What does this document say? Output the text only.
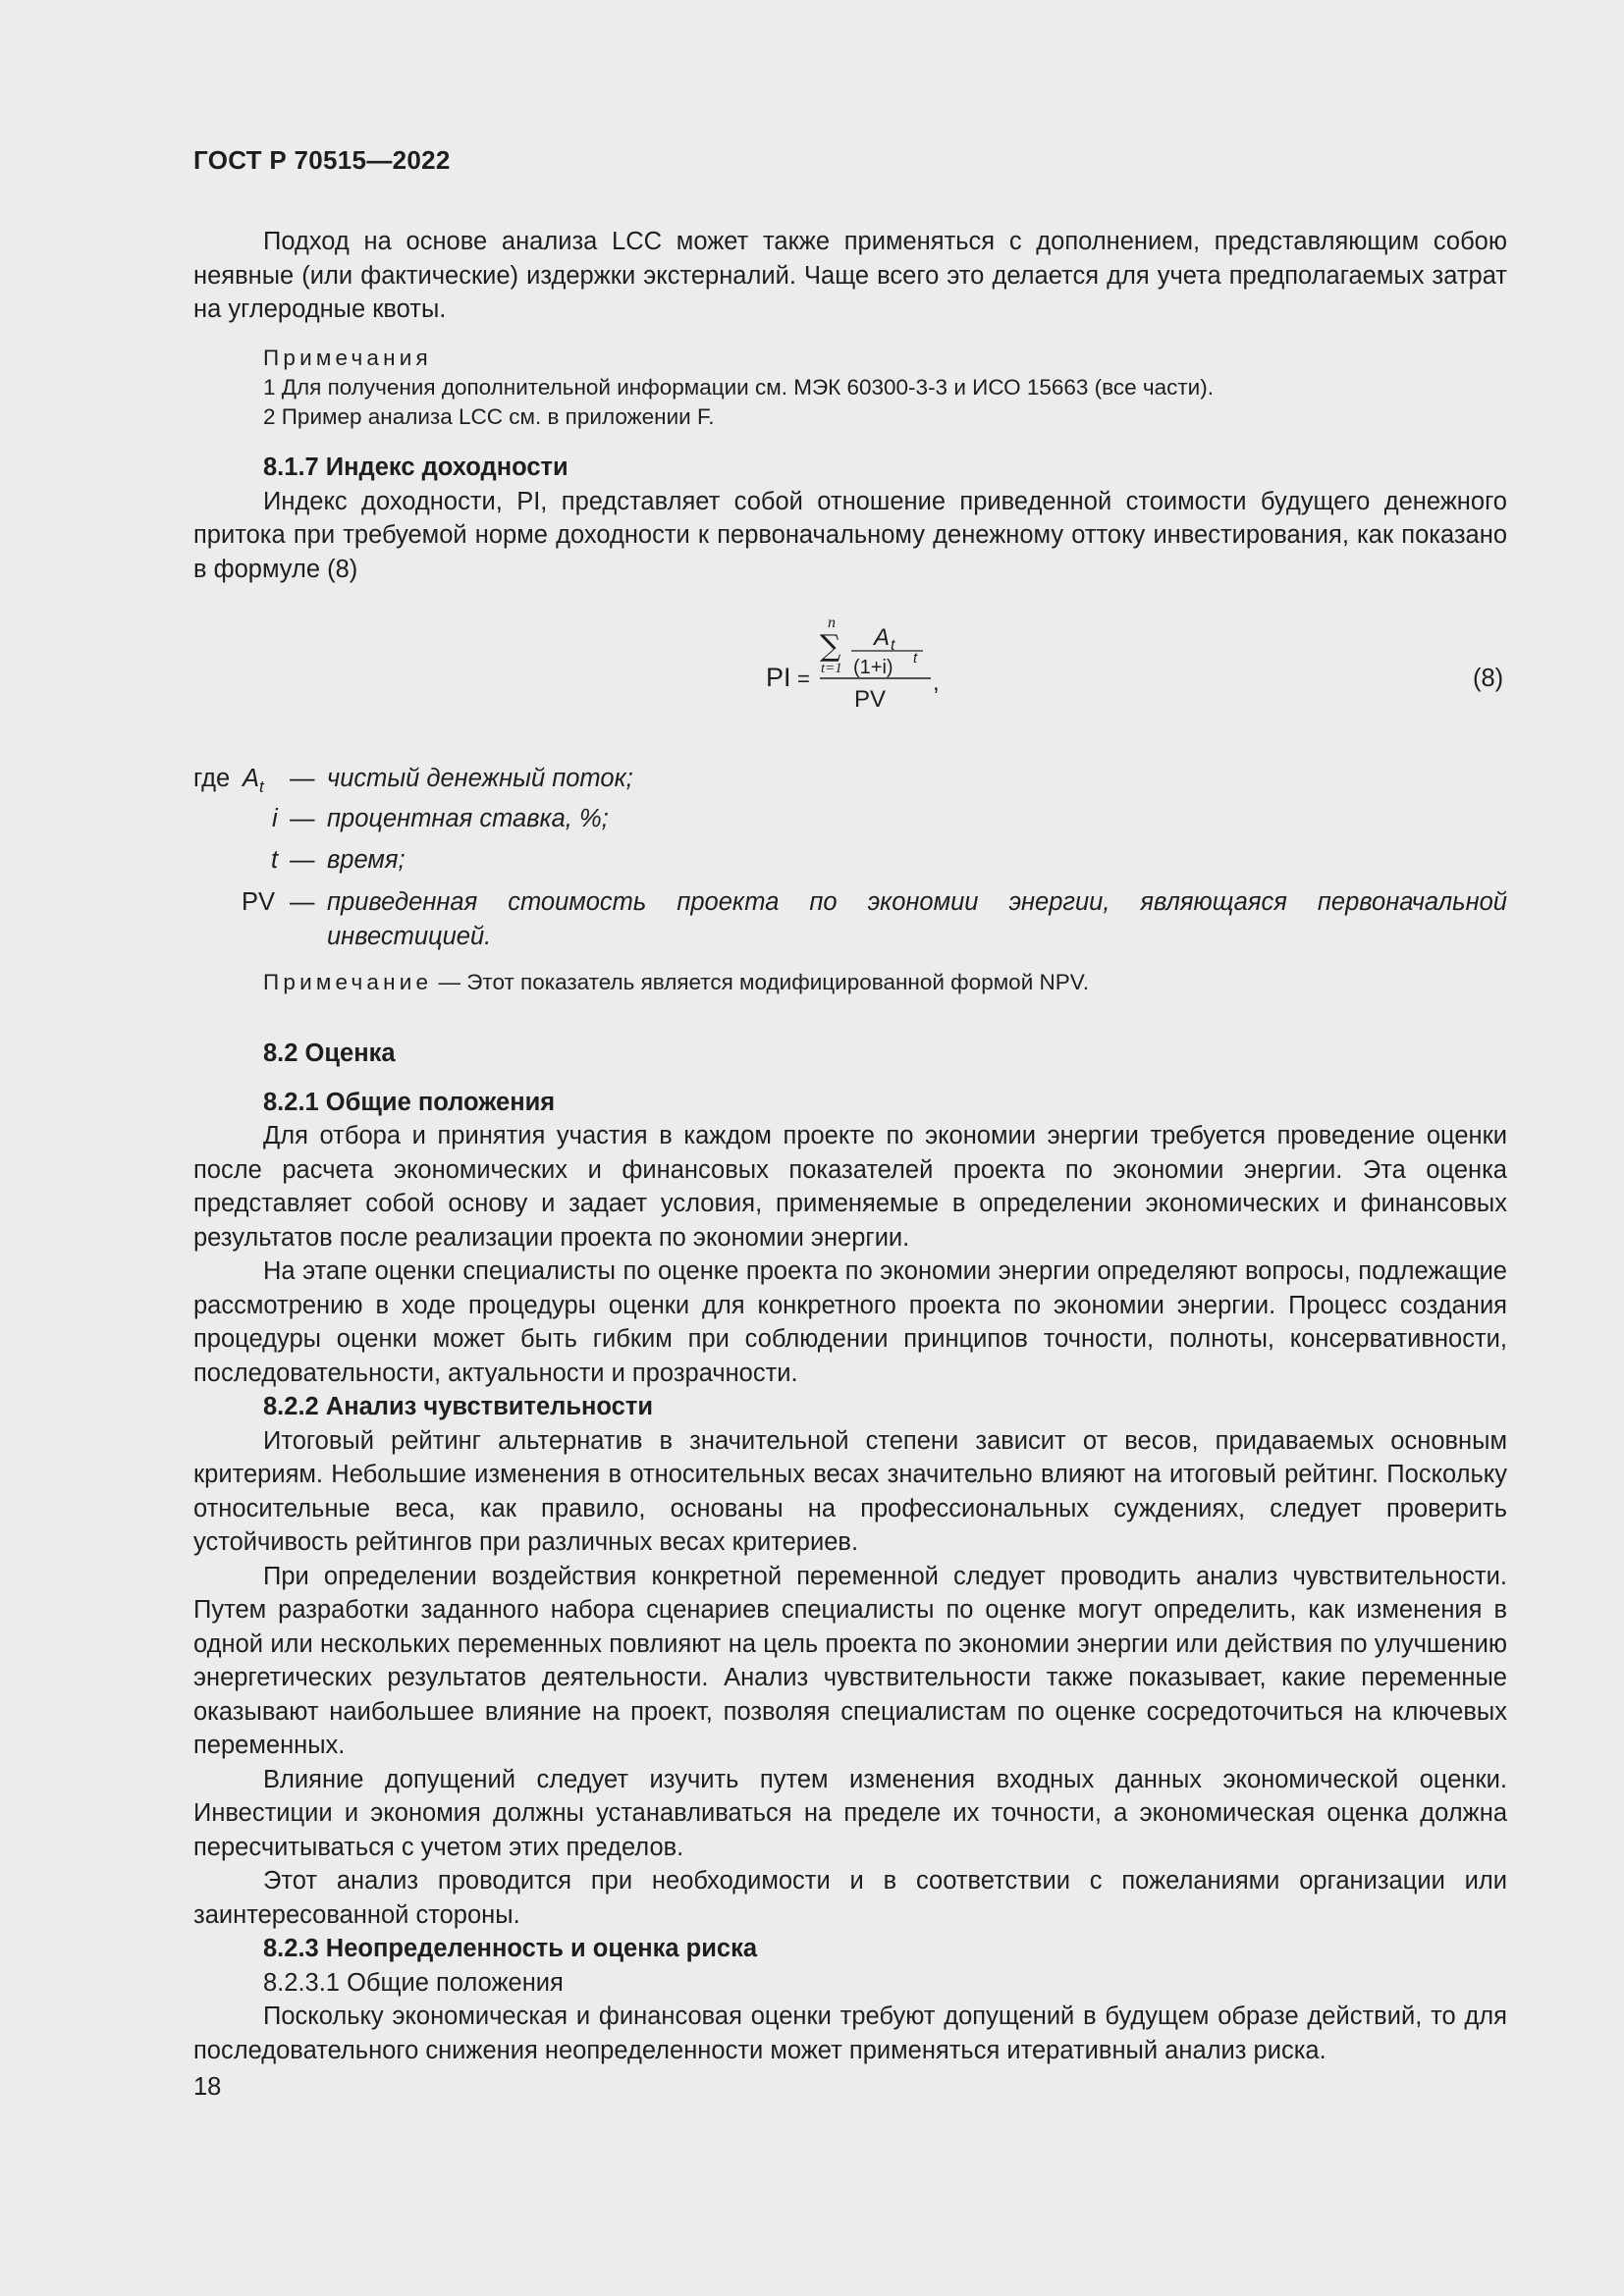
ГОСТ Р 70515—2022

Подход на основе анализа LCC может также применяться с дополнением, представляющим собою неявные (или фактические) издержки экстерналий. Чаще всего это делается для учета предполагаемых затрат на углеродные квоты.

Примечания
1 Для получения дополнительной информации см. МЭК 60300-3-3 и ИСО 15663 (все части).
2 Пример анализа LCC см. в приложении F.
8.1.7 Индекс доходности

Индекс доходности, PI, представляет собой отношение приведенной стоимости будущего денежного притока при требуемой норме доходности к первоначальному денежному оттоку инвестирования, как показано в формуле (8)

PI =
n
∑
t=1
A t
(1+i) t
PV
,	(8)
где $A_t$ — чистый денежный поток;
i — процентная ставка, %;
t — время;
PV — приведенная стоимость проекта по экономии энергии, являющаяся первоначальной инвестицией.
Примечание — Этот показатель является модифицированной формой NPV.
8.2 Оценка
8.2.1 Общие положения

Для отбора и принятия участия в каждом проекте по экономии энергии требуется проведение оценки после расчета экономических и финансовых показателей проекта по экономии энергии. Эта оценка представляет собой основу и задает условия, применяемые в определении экономических и финансовых результатов после реализации проекта по экономии энергии.

На этапе оценки специалисты по оценке проекта по экономии энергии определяют вопросы, подлежащие рассмотрению в ходе процедуры оценки для конкретного проекта по экономии энергии. Процесс создания процедуры оценки может быть гибким при соблюдении принципов точности, полноты, консервативности, последовательности, актуальности и прозрачности.

8.2.2 Анализ чувствительности

Итоговый рейтинг альтернатив в значительной степени зависит от весов, придаваемых основным критериям. Небольшие изменения в относительных весах значительно влияют на итоговый рейтинг. Поскольку относительные веса, как правило, основаны на профессиональных суждениях, следует проверить устойчивость рейтингов при различных весах критериев.

При определении воздействия конкретной переменной следует проводить анализ чувствительности. Путем разработки заданного набора сценариев специалисты по оценке могут определить, как изменения в одной или нескольких переменных повлияют на цель проекта по экономии энергии или действия по улучшению энергетических результатов деятельности. Анализ чувствительности также показывает, какие переменные оказывают наибольшее влияние на проект, позволяя специалистам по оценке сосредоточиться на ключевых переменных.

Влияние допущений следует изучить путем изменения входных данных экономической оценки. Инвестиции и экономия должны устанавливаться на пределе их точности, а экономическая оценка должна пересчитываться с учетом этих пределов.

Этот анализ проводится при необходимости и в соответствии с пожеланиями организации или заинтересованной стороны.

8.2.3 Неопределенность и оценка риска
8.2.3.1 Общие положения

Поскольку экономическая и финансовая оценки требуют допущений в будущем образе действий, то для последовательного снижения неопределенности может применяться итеративный анализ риска.

18
